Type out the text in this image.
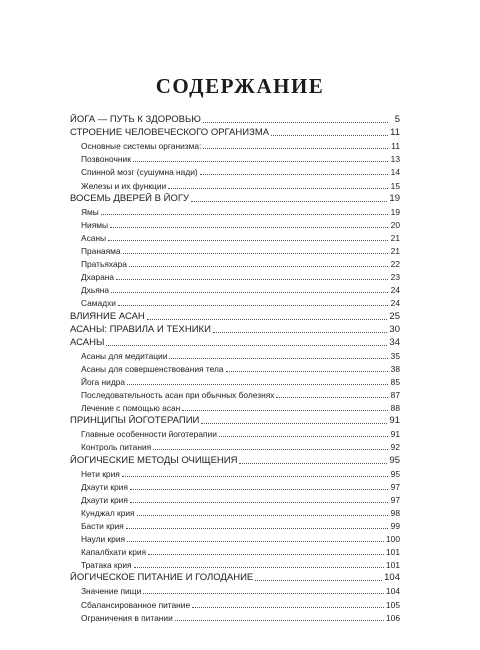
СОДЕРЖАНИЕ
ЙОГА — ПУТЬ К ЗДОРОВЬЮ	5
СТРОЕНИЕ ЧЕЛОВЕЧЕСКОГО ОРГАНИЗМА	11
Основные системы организма:	11
Позвоночник	13
Спинной мозг (сушумна нади)	14
Железы и их функции	15
ВОСЕМЬ ДВЕРЕЙ В ЙОГУ	19
Ямы	19
Ниямы	20
Асаны	21
Пранаяма	21
Пратьяхара	22
Дхарана	23
Дхьяна	24
Самадхи	24
ВЛИЯНИЕ АСАН	25
АСАНЫ: ПРАВИЛА И ТЕХНИКИ	30
АСАНЫ	34
Асаны для медитации	35
Асаны для совершенствования тела	38
Йога нидра	85
Последовательность асан при обычных болезнях	87
Лечение с помощью асан	88
ПРИНЦИПЫ ЙОГОТЕРАПИИ	91
Главные особенности йоготерапии	91
Контроль питания	92
ЙОГИЧЕСКИЕ МЕТОДЫ ОЧИЩЕНИЯ	95
Нети крия	95
Дхаути крия	97
Дхаути крия	97
Кунджал крия	98
Басти крия	99
Наули крия	100
Капалбхати крия	101
Тратака крия	101
ЙОГИЧЕСКОЕ ПИТАНИЕ И ГОЛОДАНИЕ	104
Значение пищи	104
Сбалансированное питание	105
Ограничения в питании	106
